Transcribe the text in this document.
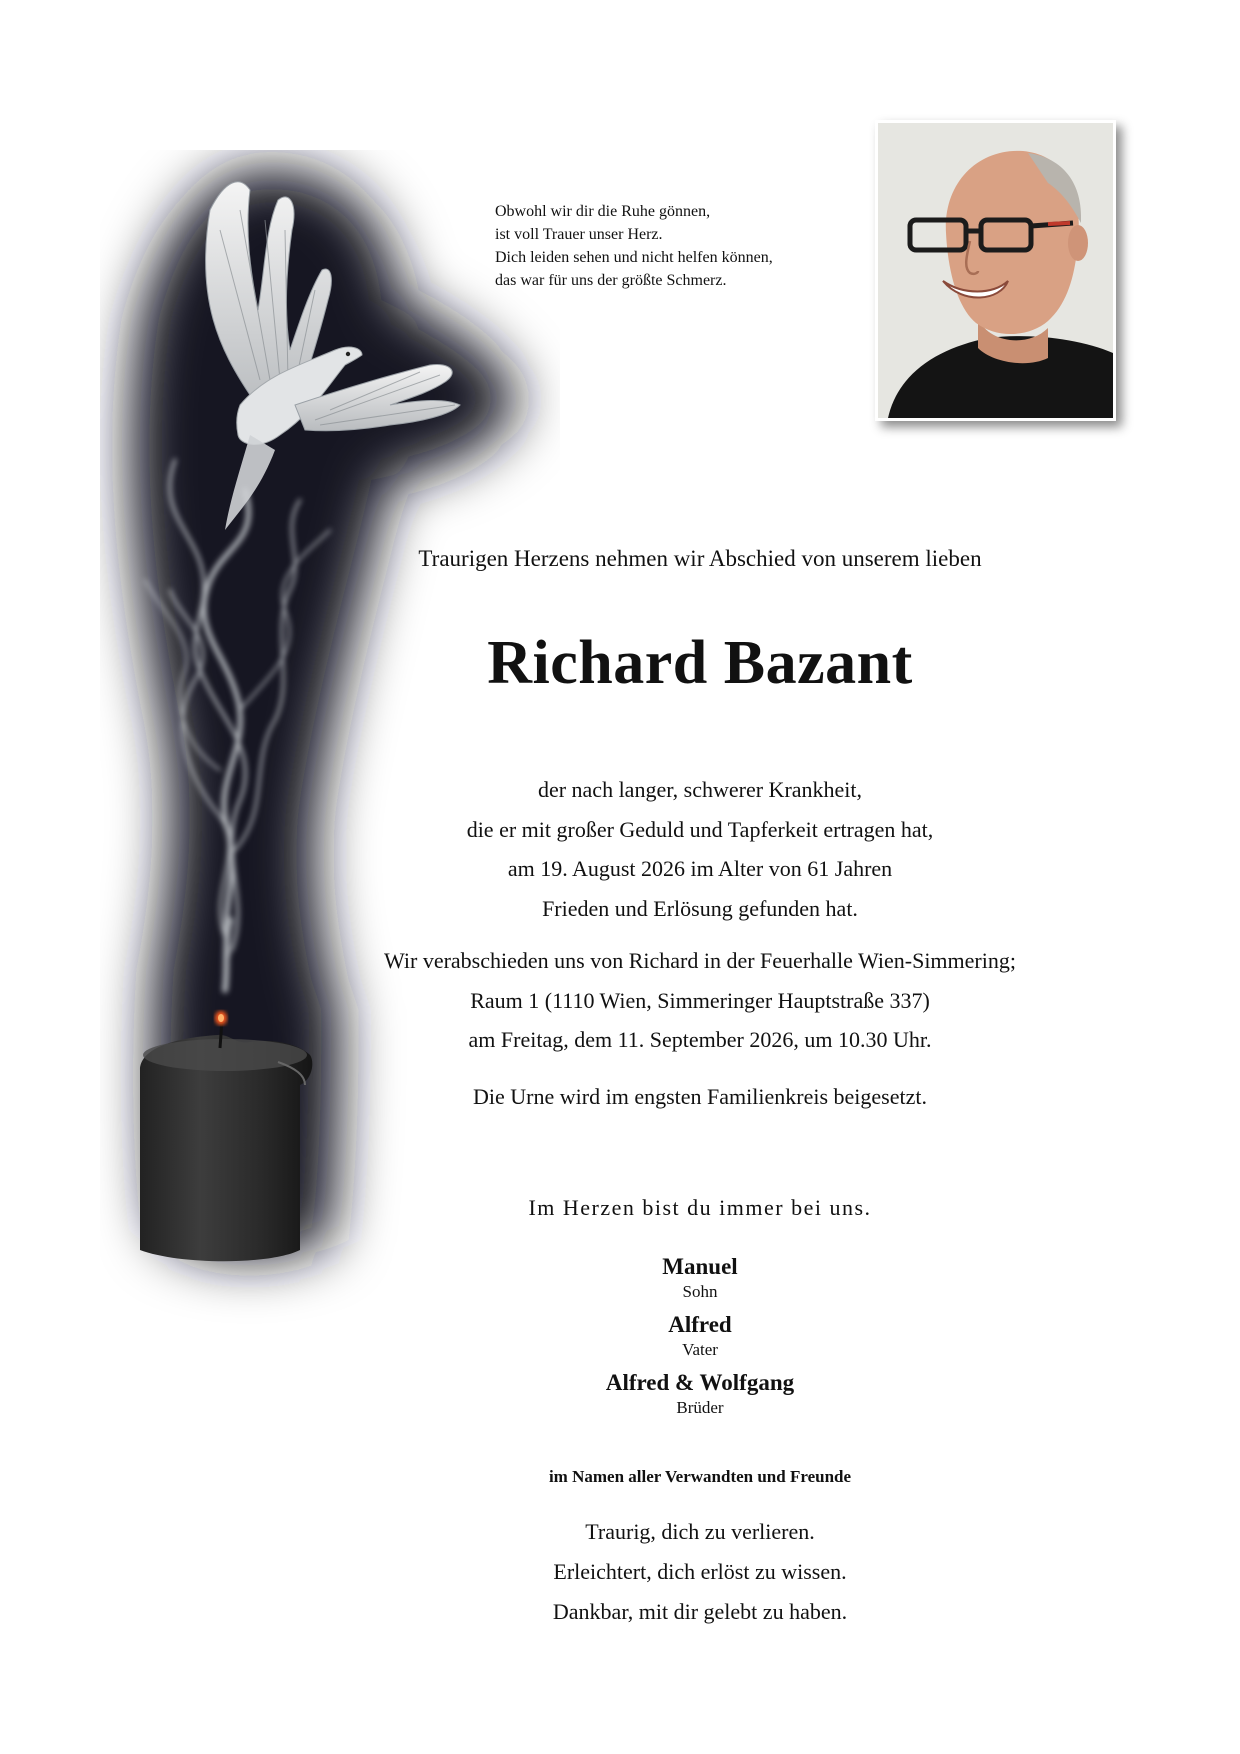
Obwohl wir dir die Ruhe gönnen,
ist voll Trauer unser Herz.
Dich leiden sehen und nicht helfen können,
das war für uns der größte Schmerz.
Traurigen Herzens nehmen wir Abschied von unserem lieben
Richard Bazant
der nach langer, schwerer Krankheit,
die er mit großer Geduld und Tapferkeit ertragen hat,
am 19. August 2026 im Alter von 61 Jahren
Frieden und Erlösung gefunden hat.
Wir verabschieden uns von Richard in der Feuerhalle Wien-Simmering;
Raum 1 (1110 Wien, Simmeringer Hauptstraße 337)
am Freitag, dem 11. September 2026, um 10.30 Uhr.
Die Urne wird im engsten Familienkreis beigesetzt.
Im Herzen bist du immer bei uns.
Manuel
Sohn
Alfred
Vater
Alfred & Wolfgang
Brüder
im Namen aller Verwandten und Freunde
Traurig, dich zu verlieren.
Erleichtert, dich erlöst zu wissen.
Dankbar, mit dir gelebt zu haben.
